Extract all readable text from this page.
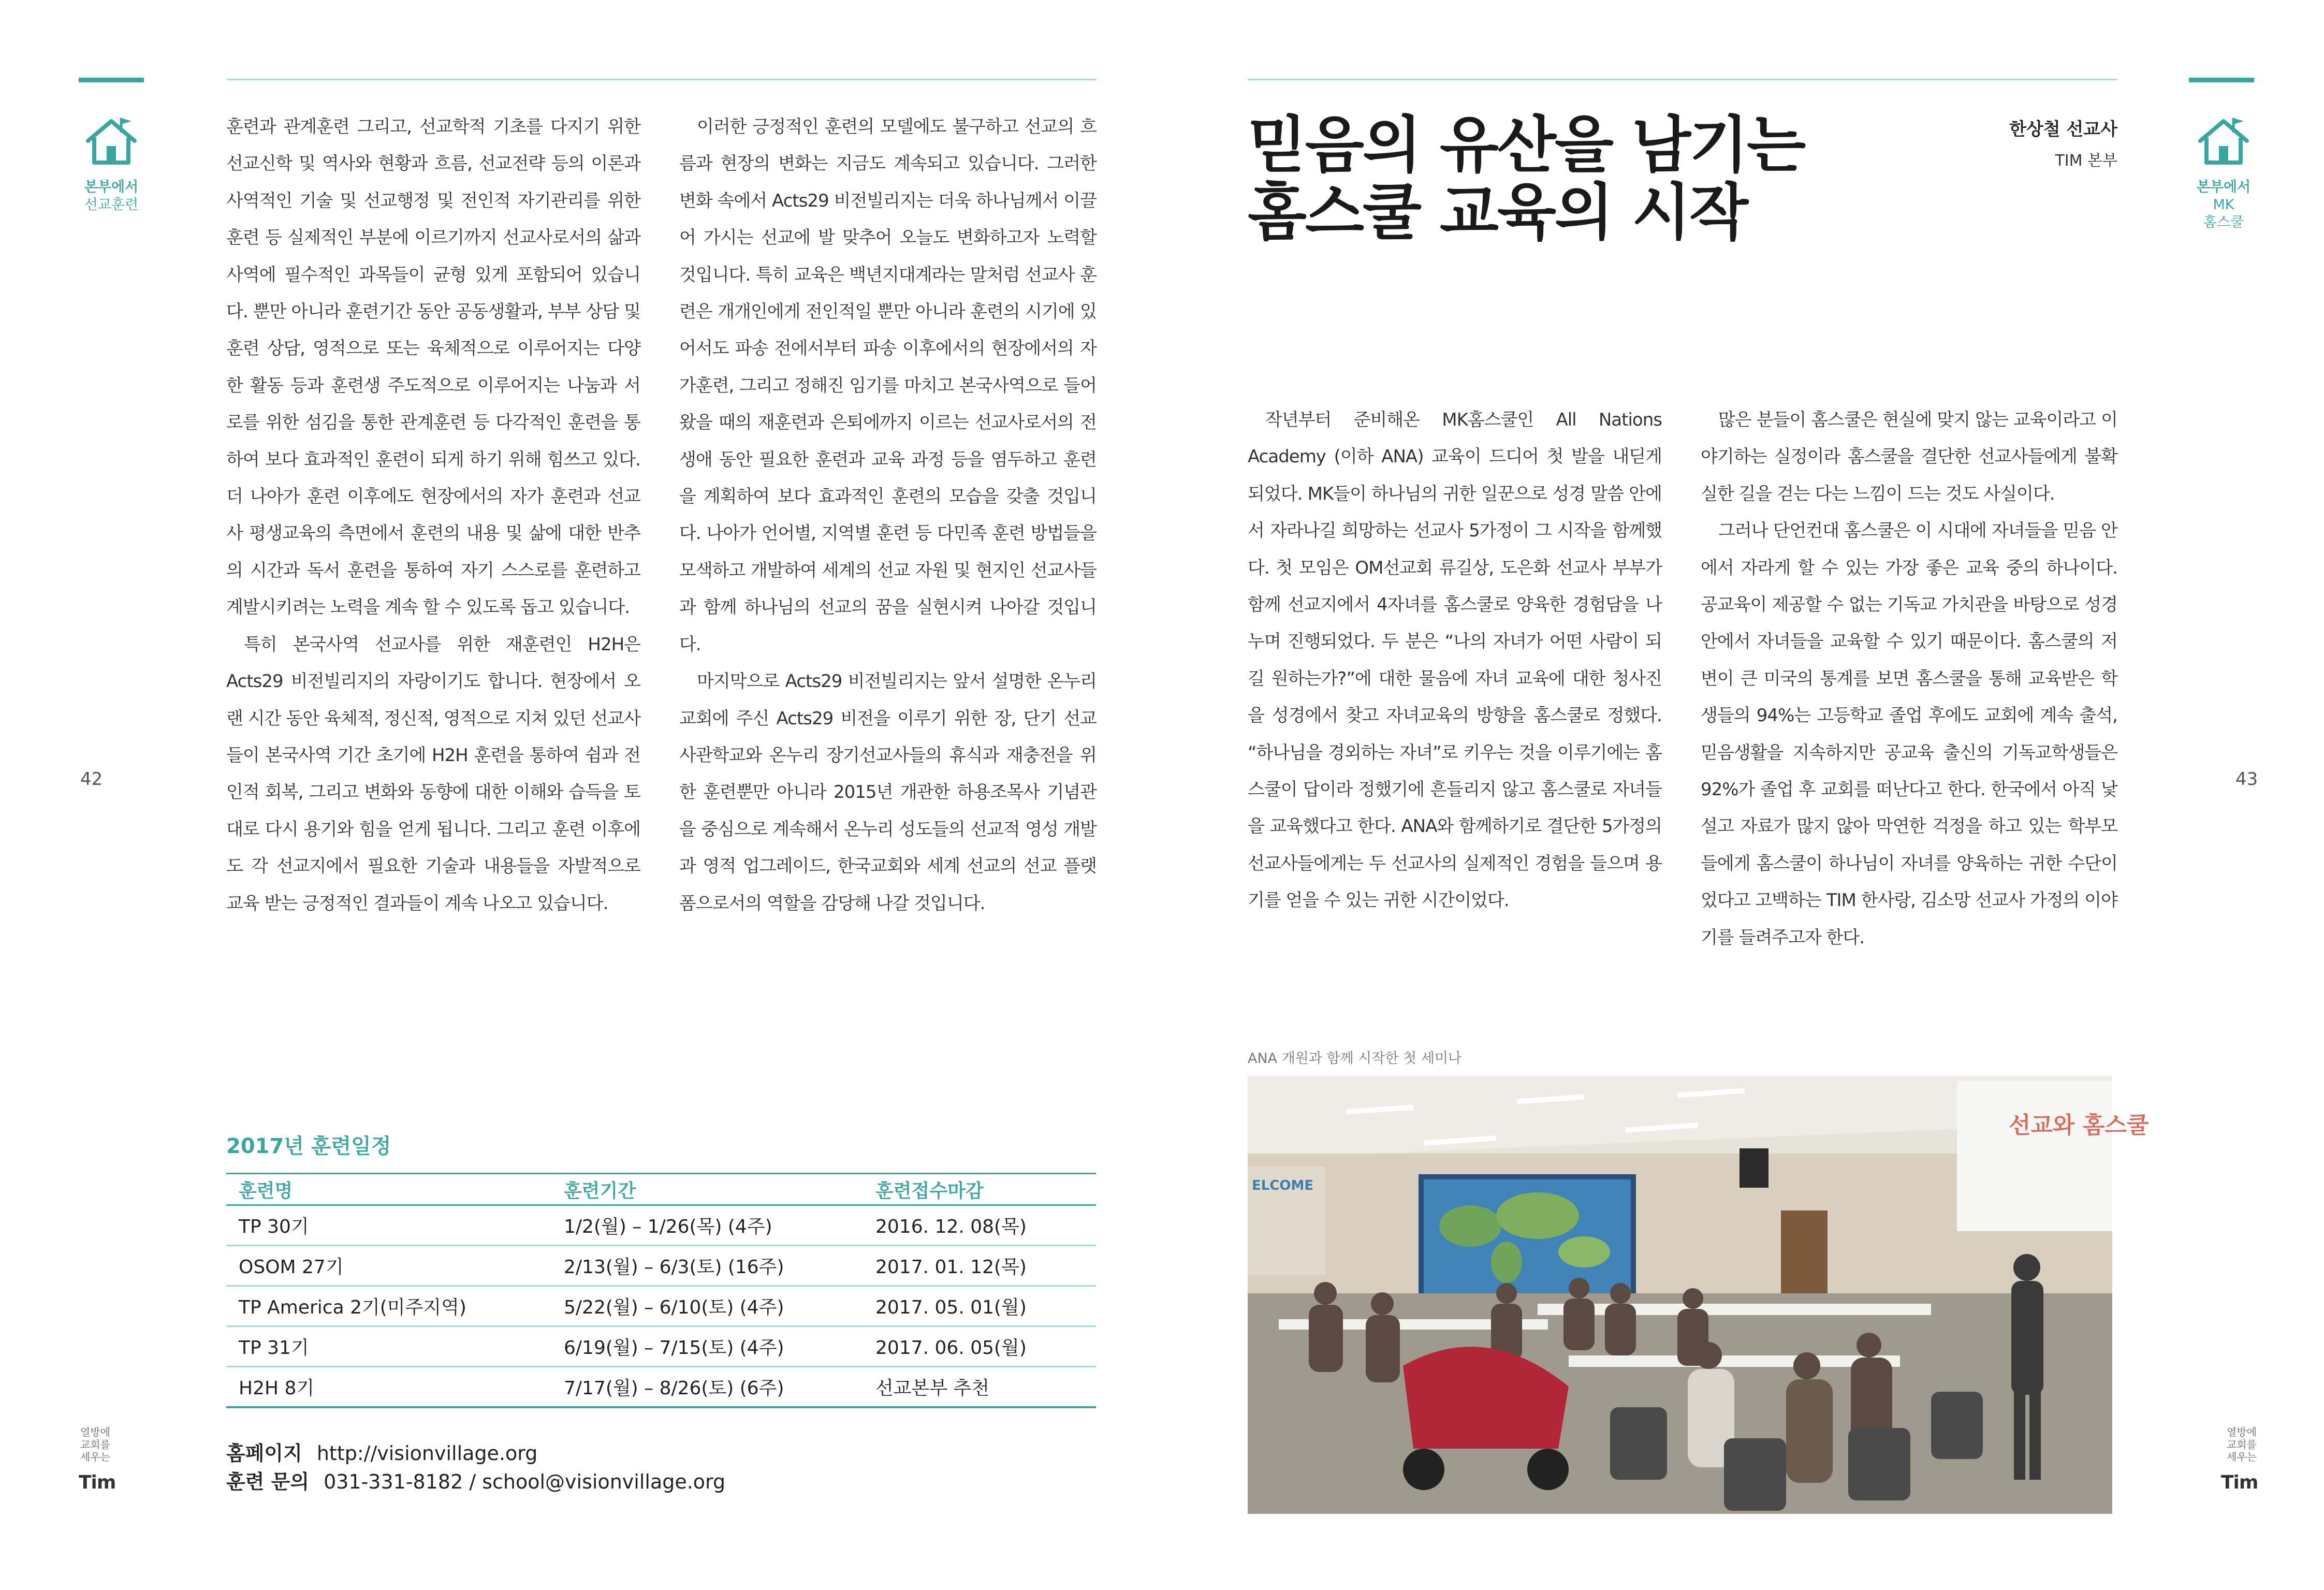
본부에서
선교훈련
42

훈련과 관계훈련 그리고, 선교학적 기초를 다지기 위한 선교신학 및 역사와 현황과 흐름, 선교전략 등의 이론과 사역적인 기술 및 선교행정 및 전인적 자기관리를 위한 훈련 등 실제적인 부분에 이르기까지 선교사로서의 삶과 사역에 필수적인 과목들이 균형 있게 포함되어 있습니다. 뿐만 아니라 훈련기간 동안 공동생활과, 부부 상담 및 훈련 상담, 영적으로 또는 육체적으로 이루어지는 다양한 활동 등과 훈련생 주도적으로 이루어지는 나눔과 서로를 위한 섬김을 통한 관계훈련 등 다각적인 훈련을 통하여 보다 효과적인 훈련이 되게 하기 위해 힘쓰고 있다. 더 나아가 훈련 이후에도 현장에서의 자가 훈련과 선교사 평생교육의 측면에서 훈련의 내용 및 삶에 대한 반추의 시간과 독서 훈련을 통하여 자기 스스로를 훈련하고 계발시키려는 노력을 계속 할 수 있도록 돕고 있습니다.

특히 본국사역 선교사를 위한 재훈련인 H2H은 Acts29 비전빌리지의 자랑이기도 합니다. 현장에서 오랜 시간 동안 육체적, 정신적, 영적으로 지쳐 있던 선교사들이 본국사역 기간 초기에 H2H 훈련을 통하여 쉼과 전인적 회복, 그리고 변화와 동향에 대한 이해와 습득을 토대로 다시 용기와 힘을 얻게 됩니다. 그리고 훈련 이후에도 각 선교지에서 필요한 기술과 내용들을 자발적으로 교육 받는 긍정적인 결과들이 계속 나오고 있습니다.

이러한 긍정적인 훈련의 모델에도 불구하고 선교의 흐름과 현장의 변화는 지금도 계속되고 있습니다. 그러한 변화 속에서 Acts29 비전빌리지는 더욱 하나님께서 이끌어 가시는 선교에 발 맞추어 오늘도 변화하고자 노력할 것입니다. 특히 교육은 백년지대계라는 말처럼 선교사 훈련은 개개인에게 전인적일 뿐만 아니라 훈련의 시기에 있어서도 파송 전에서부터 파송 이후에서의 현장에서의 자가훈련, 그리고 정해진 임기를 마치고 본국사역으로 들어왔을 때의 재훈련과 은퇴에까지 이르는 선교사로서의 전 생애 동안 필요한 훈련과 교육 과정 등을 염두하고 훈련을 계획하여 보다 효과적인 훈련의 모습을 갖출 것입니다. 나아가 언어별, 지역별 훈련 등 다민족 훈련 방법들을 모색하고 개발하여 세계의 선교 자원 및 현지인 선교사들과 함께 하나님의 선교의 꿈을 실현시켜 나아갈 것입니다.

마지막으로 Acts29 비전빌리지는 앞서 설명한 온누리교회에 주신 Acts29 비전을 이루기 위한 장, 단기 선교 사관학교와 온누리 장기선교사들의 휴식과 재충전을 위한 훈련뿐만 아니라 2015년 개관한 하용조목사 기념관을 중심으로 계속해서 온누리 성도들의 선교적 영성 개발과 영적 업그레이드, 한국교회와 세계 선교의 선교 플랫폼으로서의 역할을 감당해 나갈 것입니다.

2017년 훈련일정
훈련명	훈련기간	훈련접수마감
TP 30기	1/2(월) – 1/26(목) (4주)	2016. 12. 08(목)
OSOM 27기	2/13(월) – 6/3(토) (16주)	2017. 01. 12(목)
TP America 2기(미주지역)	5/22(월) – 6/10(토) (4주)	2017. 05. 01(월)
TP 31기	6/19(월) – 7/15(토) (4주)	2017. 06. 05(월)
H2H 8기	7/17(월) – 8/26(토) (6주)	선교본부 추천
홈페이지 http://visionvillage.org
훈련 문의 031-331-8182 / school@visionvillage.org
열방에
교회를
세우는
Tim
믿음의 유산을 남기는
홈스쿨 교육의 시작
한상철 선교사
TIM 본부
본부에서
MK
홈스쿨
43

작년부터 준비해온 MK홈스쿨인 All Nations Academy (이하 ANA) 교육이 드디어 첫 발을 내딛게 되었다. MK들이 하나님의 귀한 일꾼으로 성경 말씀 안에서 자라나길 희망하는 선교사 5가정이 그 시작을 함께했다. 첫 모임은 OM선교회 류길상, 도은화 선교사 부부가 함께 선교지에서 4자녀를 홈스쿨로 양육한 경험담을 나누며 진행되었다. 두 분은 “나의 자녀가 어떤 사람이 되길 원하는가?”에 대한 물음에 자녀 교육에 대한 청사진을 성경에서 찾고 자녀교육의 방향을 홈스쿨로 정했다. “하나님을 경외하는 자녀”로 키우는 것을 이루기에는 홈스쿨이 답이라 정했기에 흔들리지 않고 홈스쿨로 자녀들을 교육했다고 한다. ANA와 함께하기로 결단한 5가정의 선교사들에게는 두 선교사의 실제적인 경험을 들으며 용기를 얻을 수 있는 귀한 시간이었다.

많은 분들이 홈스쿨은 현실에 맞지 않는 교육이라고 이야기하는 실정이라 홈스쿨을 결단한 선교사들에게 불확실한 길을 걷는 다는 느낌이 드는 것도 사실이다.

그러나 단언컨대 홈스쿨은 이 시대에 자녀들을 믿음 안에서 자라게 할 수 있는 가장 좋은 교육 중의 하나이다. 공교육이 제공할 수 없는 기독교 가치관을 바탕으로 성경 안에서 자녀들을 교육할 수 있기 때문이다. 홈스쿨의 저변이 큰 미국의 통계를 보면 홈스쿨을 통해 교육받은 학생들의 94%는 고등학교 졸업 후에도 교회에 계속 출석, 믿음생활을 지속하지만 공교육 출신의 기독교학생들은 92%가 졸업 후 교회를 떠난다고 한다. 한국에서 아직 낯설고 자료가 많지 않아 막연한 걱정을 하고 있는 학부모들에게 홈스쿨이 하나님이 자녀를 양육하는 귀한 수단이었다고 고백하는 TIM 한사랑, 김소망 선교사 가정의 이야기를 들려주고자 한다.

ANA 개원과 함께 시작한 첫 세미나
ELCOME
선교와 홈스쿨
열방에
교회를
세우는
Tim
